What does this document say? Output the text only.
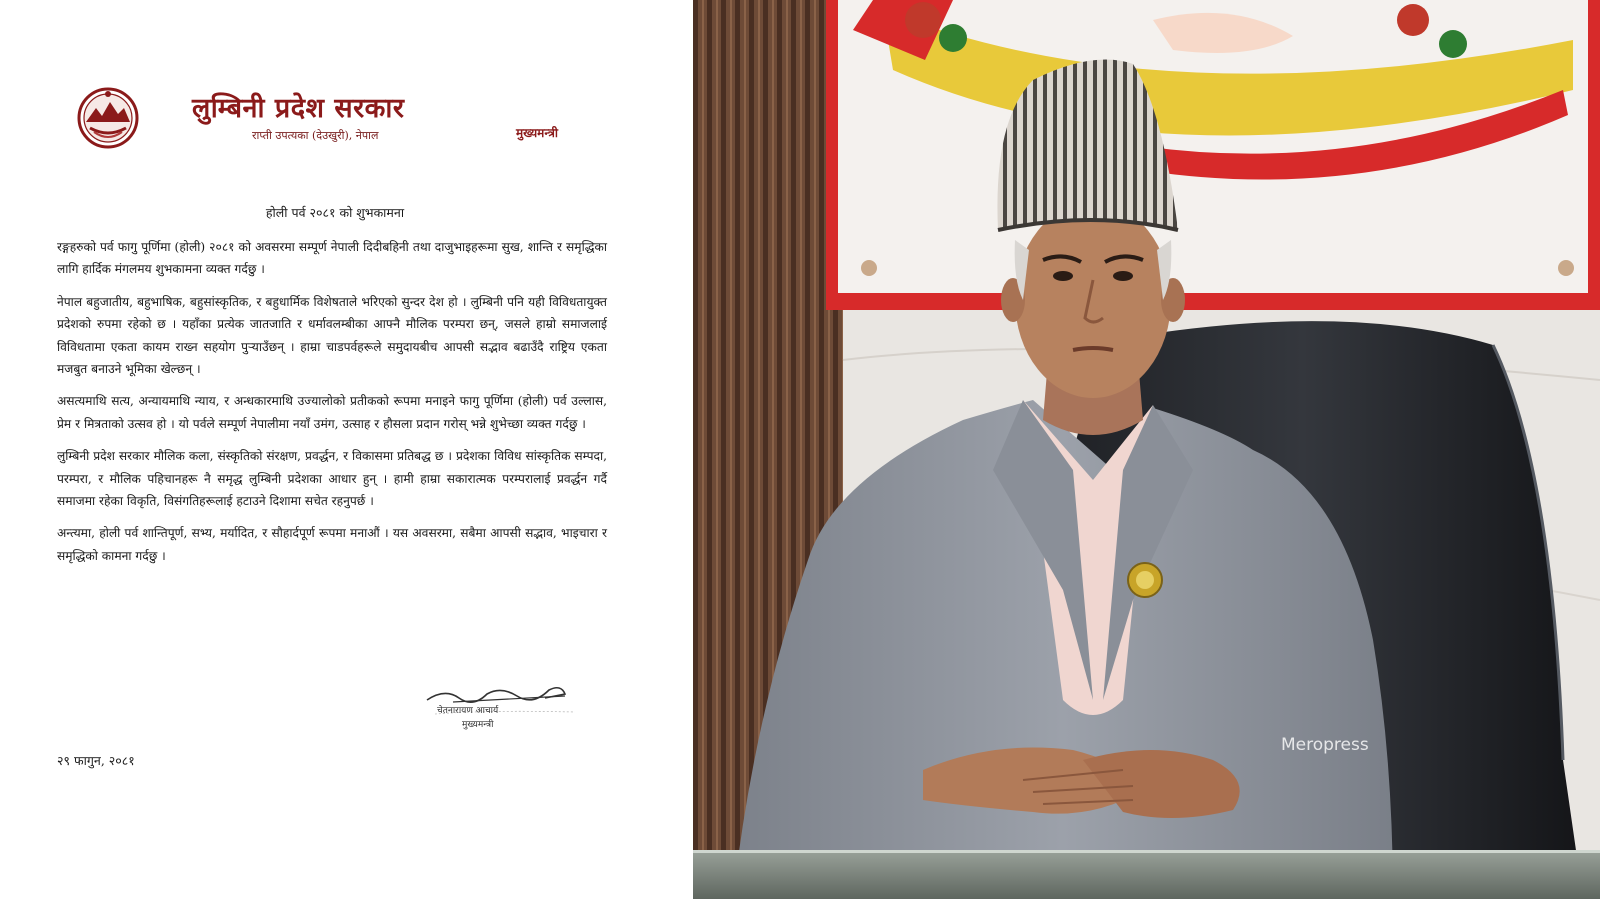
लुम्बिनी प्रदेश सरकार
राप्ती उपत्यका (देउखुरी), नेपाल	मुख्यमन्त्री
होली पर्व २०८१ को शुभकामना

रङ्गहरुको पर्व फागु पूर्णिमा (होली) २०८१ को अवसरमा सम्पूर्ण नेपाली दिदीबहिनी तथा दाजुभाइहरूमा सुख, शान्ति र समृद्धिका लागि हार्दिक मंगलमय शुभकामना व्यक्त गर्दछु ।

नेपाल बहुजातीय, बहुभाषिक, बहुसांस्कृतिक, र बहुधार्मिक विशेषताले भरिएको सुन्दर देश हो । लुम्बिनी पनि यही विविधतायुक्त प्रदेशको रुपमा रहेको छ । यहाँका प्रत्येक जातजाति र धर्मावलम्बीका आफ्नै मौलिक परम्परा छन्, जसले हाम्रो समाजलाई विविधतामा एकता कायम राख्न सहयोग पुर्‍याउँछन् । हाम्रा चाडपर्वहरूले समुदायबीच आपसी सद्भाव बढाउँदै राष्ट्रिय एकता मजबुत बनाउने भूमिका खेल्छन् ।

असत्यमाथि सत्य, अन्यायमाथि न्याय, र अन्धकारमाथि उज्यालोको प्रतीकको रूपमा मनाइने फागु पूर्णिमा (होली) पर्व उल्लास, प्रेम र मित्रताको उत्सव हो । यो पर्वले सम्पूर्ण नेपालीमा नयाँ उमंग, उत्साह र हौसला प्रदान गरोस् भन्ने शुभेच्छा व्यक्त गर्दछु ।

लुम्बिनी प्रदेश सरकार मौलिक कला, संस्कृतिको संरक्षण, प्रवर्द्धन, र विकासमा प्रतिबद्ध छ । प्रदेशका विविध सांस्कृतिक सम्पदा, परम्परा, र मौलिक पहिचानहरू नै समृद्ध लुम्बिनी प्रदेशका आधार हुन् । हामी हाम्रा सकारात्मक परम्परालाई प्रवर्द्धन गर्दै समाजमा रहेका विकृति, विसंगतिहरूलाई हटाउने दिशामा सचेत रहनुपर्छ ।

अन्त्यमा, होली पर्व शान्तिपूर्ण, सभ्य, मर्यादित, र सौहार्दपूर्ण रूपमा मनाऔं । यस अवसरमा, सबैमा आपसी सद्भाव, भाइचारा र समृद्धिको कामना गर्दछु ।

चेतनारायण आचार्य
मुख्यमन्त्री
२९ फागुन, २०८१
Meropress
